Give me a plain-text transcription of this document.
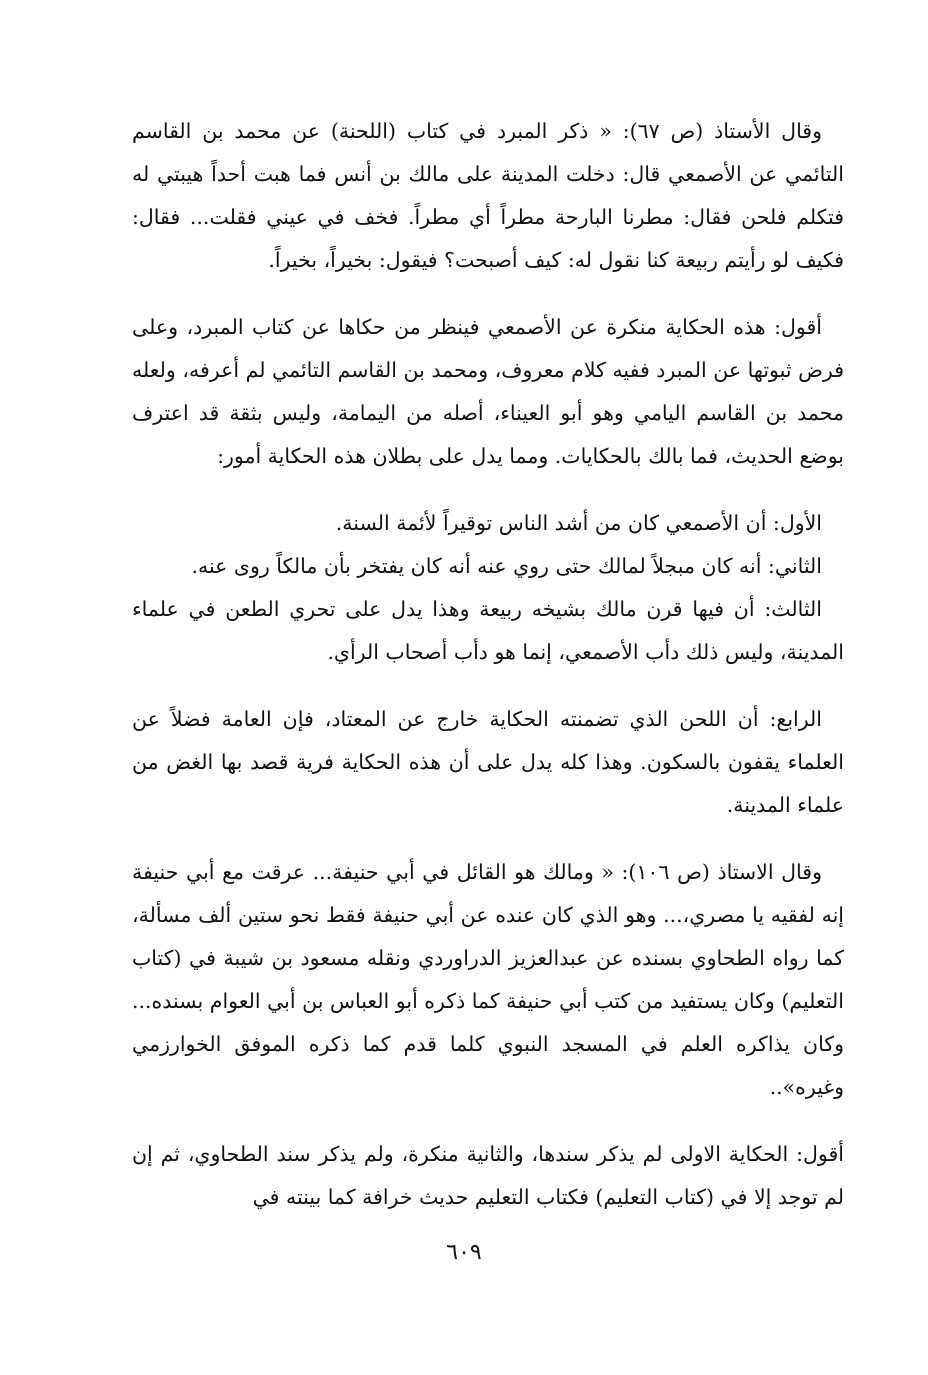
وقال الأستاذ (ص ٦٧): « ذكر المبرد في كتاب (اللحنة) عن محمد بن القاسم التائمي عن الأصمعي قال: دخلت المدينة على مالك بن أنس فما هبت أحداً هيبتي له فتكلم فلحن فقال: مطرنا البارحة مطراً أي مطراً. فخف في عيني فقلت... فقال: فكيف لو رأيتم ربيعة كنا نقول له: كيف أصبحت؟ فيقول: بخيراً، بخيراً.

أقول: هذه الحكاية منكرة عن الأصمعي فينظر من حكاها عن كتاب المبرد، وعلى فرض ثبوتها عن المبرد ففيه كلام معروف، ومحمد بن القاسم التائمي لم أعرفه، ولعله محمد بن القاسم اليامي وهو أبو العيناء، أصله من اليمامة، وليس بثقة قد اعترف بوضع الحديث، فما بالك بالحكايات. ومما يدل على بطلان هذه الحكاية أمور:

الأول: أن الأصمعي كان من أشد الناس توقيراً لأئمة السنة.

الثاني: أنه كان مبجلاً لمالك حتى روي عنه أنه كان يفتخر بأن مالكاً روى عنه.

الثالث: أن فيها قرن مالك بشيخه ربيعة وهذا يدل على تحري الطعن في علماء المدينة، وليس ذلك دأب الأصمعي، إنما هو دأب أصحاب الرأي.

الرابع: أن اللحن الذي تضمنته الحكاية خارج عن المعتاد، فإن العامة فضلاً عن العلماء يقفون بالسكون. وهذا كله يدل على أن هذه الحكاية فرية قصد بها الغض من علماء المدينة.

وقال الاستاذ (ص ١٠٦): « ومالك هو القائل في أبي حنيفة... عرقت مع أبي حنيفة إنه لفقيه يا مصري،... وهو الذي كان عنده عن أبي حنيفة فقط نحو ستين ألف مسألة، كما رواه الطحاوي بسنده عن عبدالعزيز الدراوردي ونقله مسعود بن شيبة في (كتاب التعليم) وكان يستفيد من كتب أبي حنيفة كما ذكره أبو العباس بن أبي العوام بسنده... وكان يذاكره العلم في المسجد النبوي كلما قدم كما ذكره الموفق الخوارزمي وغيره»..

أقول: الحكاية الاولى لم يذكر سندها، والثانية منكرة، ولم يذكر سند الطحاوي، ثم إن لم توجد إلا في (كتاب التعليم) فكتاب التعليم حديث خرافة كما بينته في

٦٠٩
